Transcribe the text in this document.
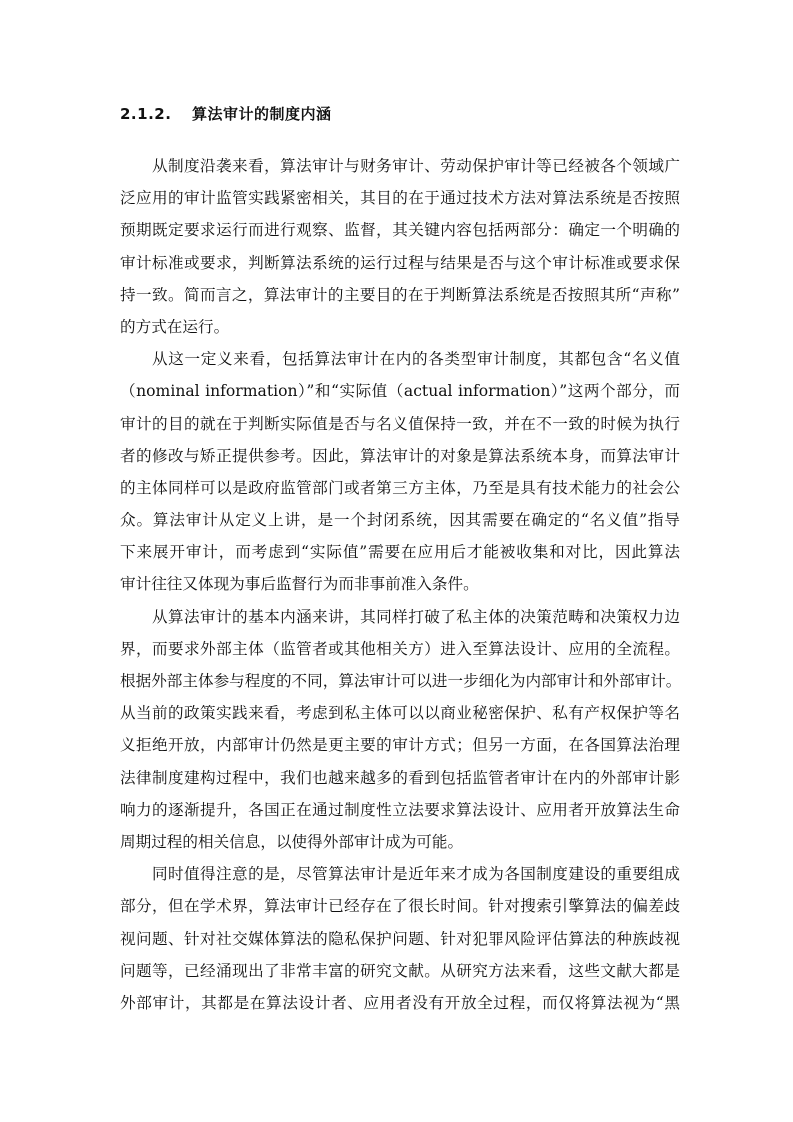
2.1.2. 算法审计的制度内涵
从制度沿袭来看，算法审计与财务审计、劳动保护审计等已经被各个领域广
泛应用的审计监管实践紧密相关，其目的在于通过技术方法对算法系统是否按照
预期既定要求运行而进行观察、监督，其关键内容包括两部分：确定一个明确的
审计标准或要求，判断算法系统的运行过程与结果是否与这个审计标准或要求保
持一致。简而言之，算法审计的主要目的在于判断算法系统是否按照其所“声称”
的方式在运行。
从这一定义来看，包括算法审计在内的各类型审计制度，其都包含“名义值
（nominal information）”和“实际值（actual information）”这两个部分，而
审计的目的就在于判断实际值是否与名义值保持一致，并在不一致的时候为执行
者的修改与矫正提供参考。因此，算法审计的对象是算法系统本身，而算法审计
的主体同样可以是政府监管部门或者第三方主体，乃至是具有技术能力的社会公
众。算法审计从定义上讲，是一个封闭系统，因其需要在确定的“名义值”指导
下来展开审计，而考虑到“实际值”需要在应用后才能被收集和对比，因此算法
审计往往又体现为事后监督行为而非事前准入条件。
从算法审计的基本内涵来讲，其同样打破了私主体的决策范畴和决策权力边
界，而要求外部主体（监管者或其他相关方）进入至算法设计、应用的全流程。
根据外部主体参与程度的不同，算法审计可以进一步细化为内部审计和外部审计。
从当前的政策实践来看，考虑到私主体可以以商业秘密保护、私有产权保护等名
义拒绝开放，内部审计仍然是更主要的审计方式；但另一方面，在各国算法治理
法律制度建构过程中，我们也越来越多的看到包括监管者审计在内的外部审计影
响力的逐渐提升，各国正在通过制度性立法要求算法设计、应用者开放算法生命
周期过程的相关信息，以使得外部审计成为可能。
同时值得注意的是，尽管算法审计是近年来才成为各国制度建设的重要组成
部分，但在学术界，算法审计已经存在了很长时间。针对搜索引擎算法的偏差歧
视问题、针对社交媒体算法的隐私保护问题、针对犯罪风险评估算法的种族歧视
问题等，已经涌现出了非常丰富的研究文献。从研究方法来看，这些文献大都是
外部审计，其都是在算法设计者、应用者没有开放全过程，而仅将算法视为“黑
